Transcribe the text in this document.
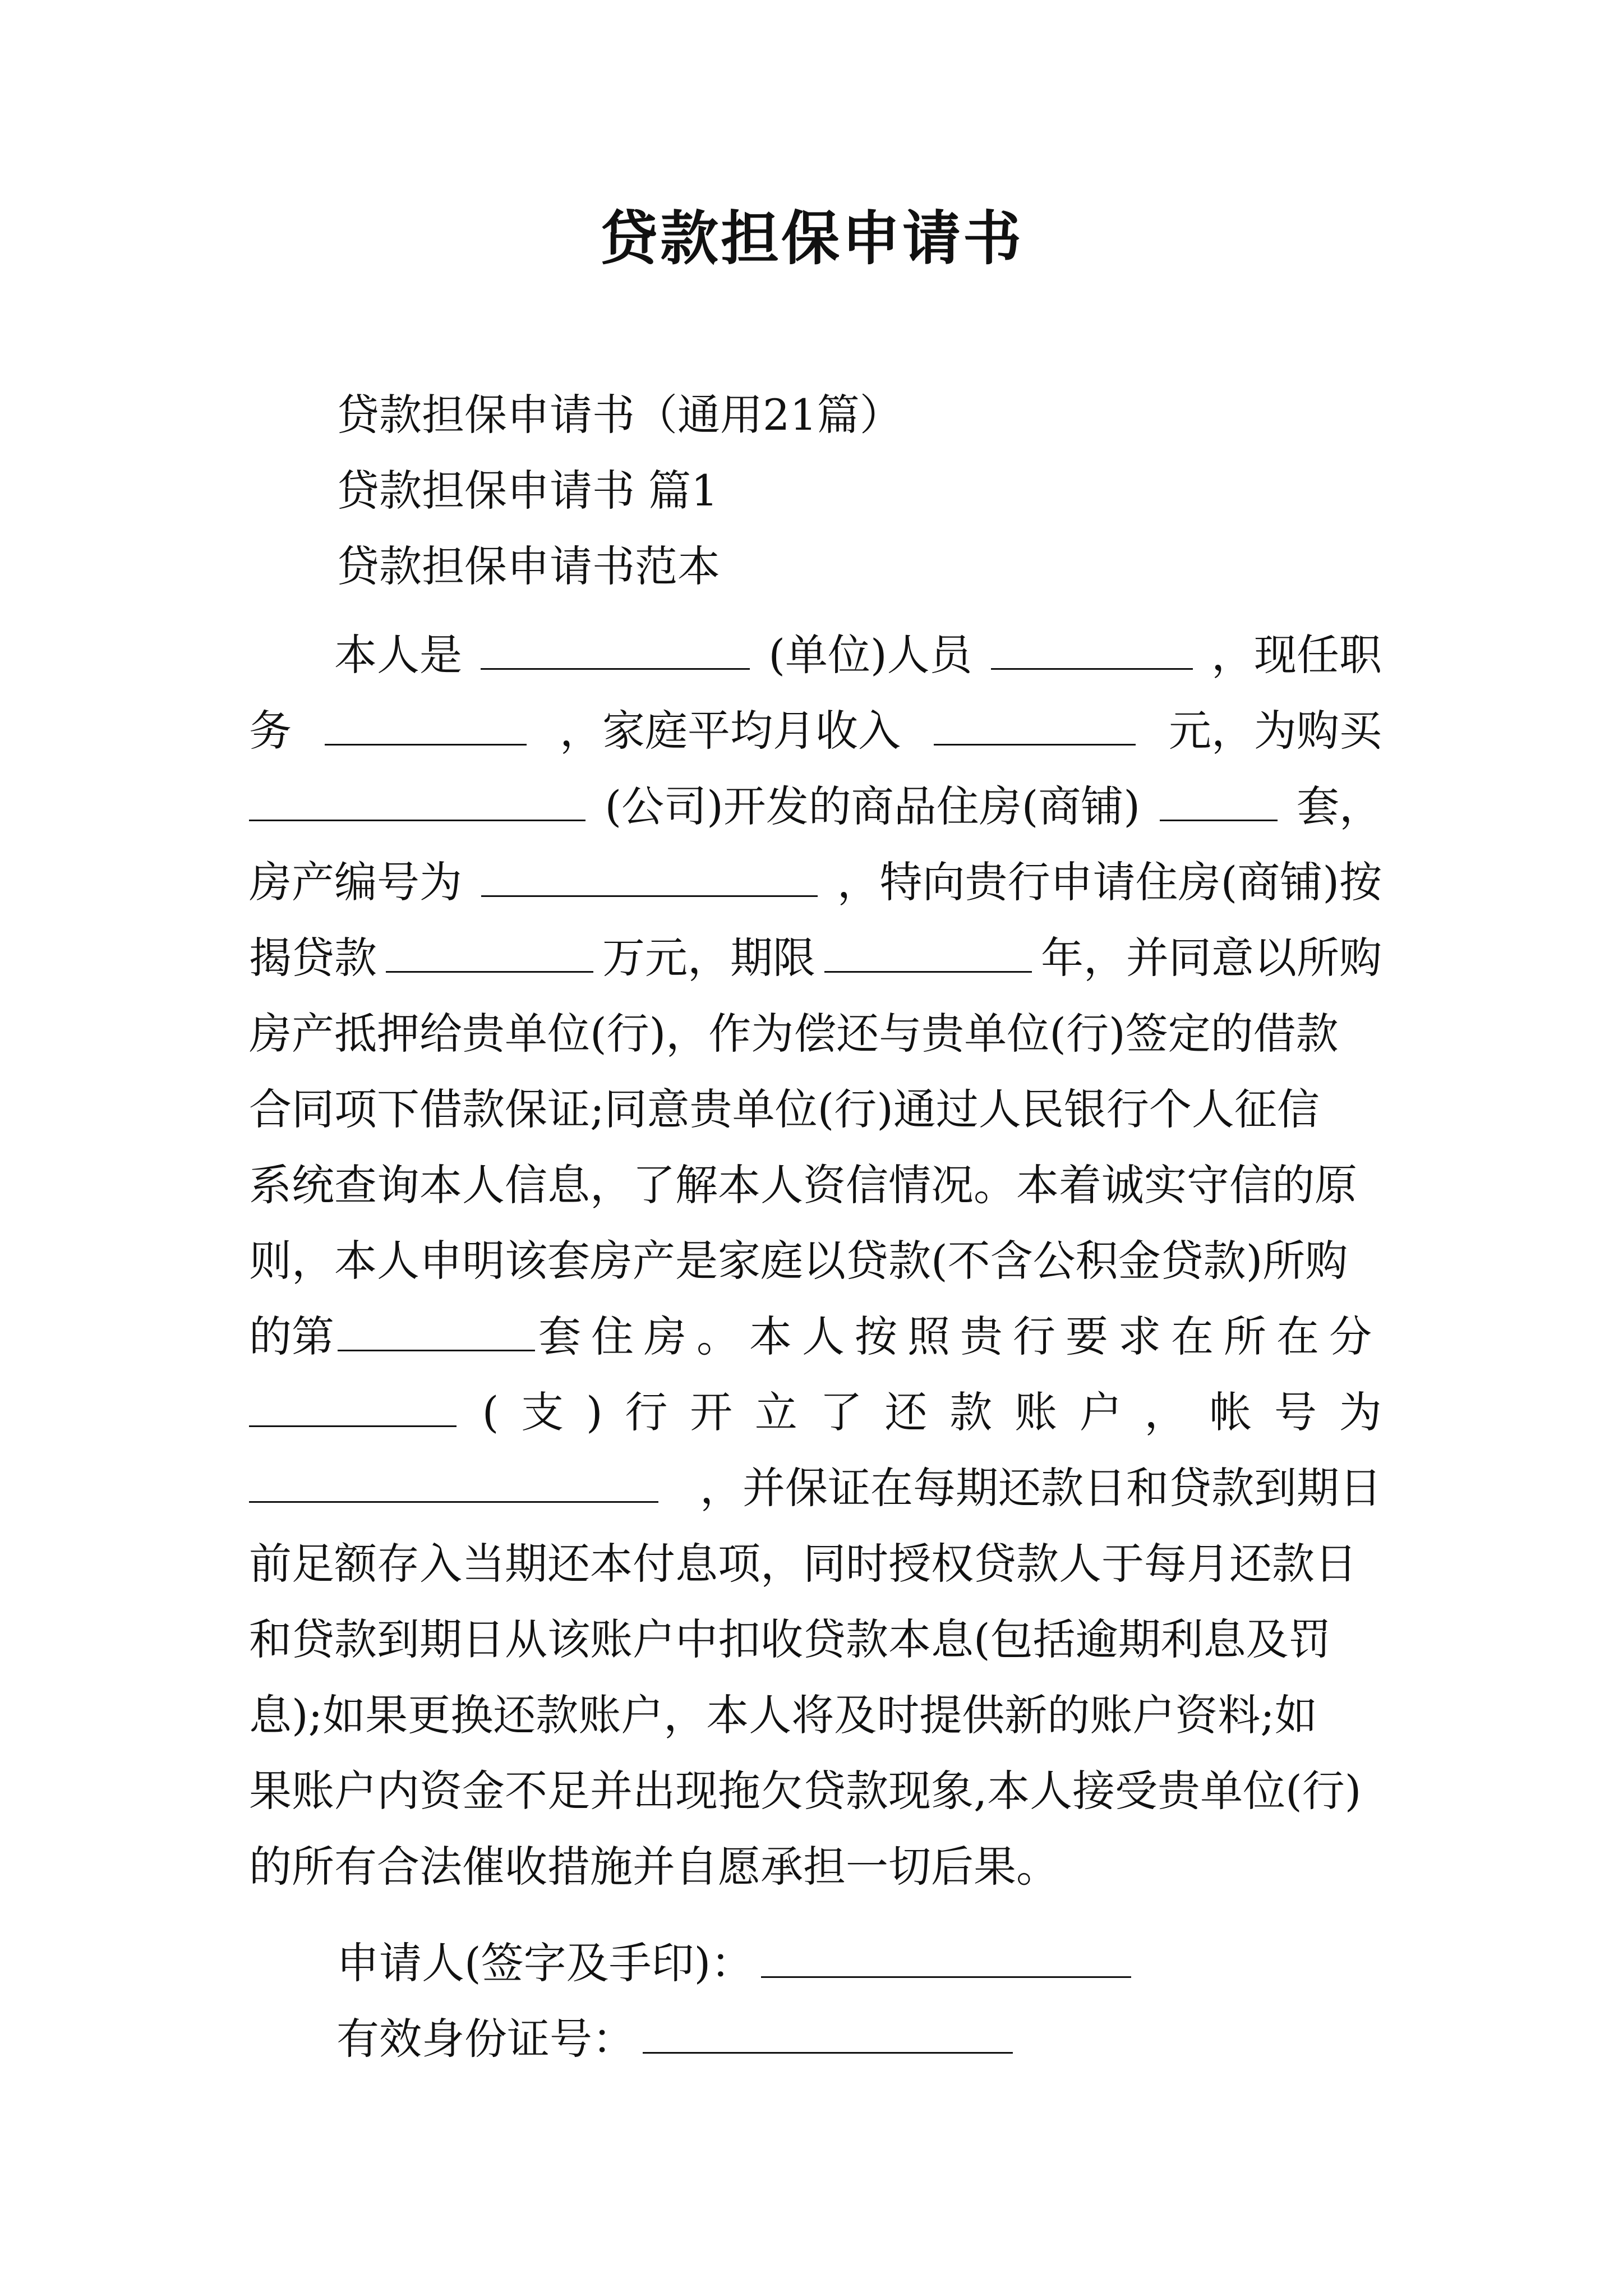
贷款担保申请书
贷款担保申请书（通用21篇）
贷款担保申请书 篇1
贷款担保申请书范本
本人是	(单位)人员	，现任职
务	，家庭平均月收入	元，为购买
(公司)开发的商品住房(商铺)	套，
房产编号为	，特向贵行申请住房(商铺)按
揭贷款	万元，期限	年，并同意以所购
房产抵押给贵单位(行)，作为偿还与贵单位(行)签定的借款
合同项下借款保证;同意贵单位(行)通过人民银行个人征信
系统查询本人信息，了解本人资信情况。本着诚实守信的原
则，本人申明该套房产是家庭以贷款(不含公积金贷款)所购
的第	套住房。本人按照贵行要求在所在分
( 支 ) 行 开 立 了 还 款 账 户 ， 帐 号 为
，并保证在每期还款日和贷款到期日
前足额存入当期还本付息项，同时授权贷款人于每月还款日
和贷款到期日从该账户中扣收贷款本息(包括逾期利息及罚
息);如果更换还款账户，本人将及时提供新的账户资料;如
果账户内资金不足并出现拖欠贷款现象,本人接受贵单位(行)
的所有合法催收措施并自愿承担一切后果。
申请人(签字及手印)：
有效身份证号：
